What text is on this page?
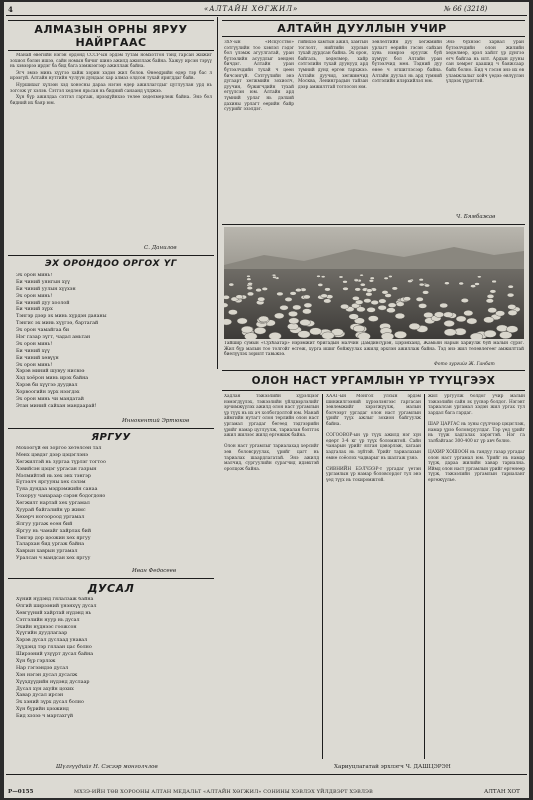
4	«АЛТАЙН ХӨГЖИЛ»	№ 66 (3218)
АЛМАЗЫН ОРНЫ ЯРУУ
НАЙРГААС

Манай өвөгийн нэгэн ордонд СССР-ын эрдэм тутам номхотгон тэнд гарсан жижиг зохиол бэлэн ишээ, сайн номын бичиг шинэ ажилд ажиллаж байна. Хажуу ирсэн тэрүү нь хэвээрээ ирдэг ба бид бага хэмжээгээр ажиллаж байна.

Эгч эмээ минь хүүгээ хайж хорин хэдэн жил болов. Өнөөдрийн өдөр тэр бас л ирээгүй. Алтайн нутгийн чулуун дундаас хар алмаз олдсон тухай яригддаг байв.

Нуршихыг хүлээн хэд хоносны дараа нэгэн өдөр ажиллагсдыг цуглуулан урд нь зогсож үг хэлэв. Сэтгэл хөдлөн ярьсан нь бидний санаанд үлджээ.

Хүн бүр ажилдаа сэтгэл гаргаж, ирээдүйнхээ төлөө хөдөлмөрлөж байна. Энэ бол бидний их баяр юм.

С. Данилов
ЭХ ОРОНДОО ОРГОХ ҮГ
Эх орон минь!
Би чиний уянгын хүү
Би чиний уулын хүүхэн
Эх орон минь!
Би чиний дуу хоолой
Би чиний зүрх
Тэнгэр дээр эх минь хүрдэн даяаны
Тэнгис эх минь хүүгээ, бартагай
Эх орон чамайгаа би
Нэг газар зүгт, чадал амьтан
Эх орон минь!
Би чиний хүү
Би чиний хөвүүн
Эх орон минь!
Хэрэв миний шувуу нисвээ
Хэд хоёрон минь ирэх байна
Хэрэв би хүүгээ дуудвал
Хорвоогийн зүрх нээгдэх
Эх орон минь чи мандатай
Этан миний сайхан мандаарай!
Иннокентий Эртюков
ЯРГУУ
Мохоогүй өн зоргоо хөтөлсөн тал
Мөнх цэвдэг дээр цэцэглэнэ
Хөгжилтэй нь зургаа түрлэг тогтоо
Хэвийсэн цэцэг ургасан газрын
Мэлмийтэй нь хөх энх тэнгэр
Бүтээлч яргууны хөх сэлэм
Туяа дундаа мэдрэмжийн санаа
Тохоруу чанараар сэрэн бодогдоно
Хөгжилт нартай хөх ургамал
Хуурай байгалийн үр жимс
Хөхөрч ногоороод ургамал
Ялгуу ургаж өсөн бий
Яргуу нь чамайг хайрлах бий
Тэнгэр дор цоожин хөх яргуу
Талархан бид ургаж байна
Хаврын хаврын ургамал
Уралсан ч мандсан хөх яргуу
Иван Федосеев
ДУСАЛ
Хүний нүдэнд гялалзаж байна
Өлгий ширээний үнэнхүү дусал
Хөвгүүний хайртай нүдэнд нь
Сэтгэлийн нуур нь дусал
Эхийн нүднээс гоожсон
Хүүгийн дуудлагаар
Хэрэв дусал дуслаад унавал
Зүүдэнд тэр гялаан цас болно
Ширээний үзүүрт дусал байна
Хүн бүр гэрлэж
Нар гэгээндээ дусал
Хэн нэгэн дусал дусалж
Хүүхдүүдийн нүдэнд дуслаар
Дусал хүн ахуйн цохих
Хавар дусал ирсэн
Эх хэний зүрх дусал болно
Хүн бүрийн цээжинд
Бид хэзээ ч мартахгүй
Шүлгүүдийг Н. Сэсээр монголчлов
АЛТАЙН ДУУЛЛЫН УЧИР
ЗХУ-ын «Искусство» сэтгүүлийн тоо хэвлэл гэдэг бол үлэмж агуулгатай, уран бүтээлийн асуудлыг хөндөн бичдэг. Алтайн уран бүтээлчдийн тухай ч цөөн бичсэнгүй. Сэтгүүлийн энэ дугаарт хөгжмийн зохиолч, дуучин, бүжигчдийн тухай өгүүлсэн юм. Алтайн ард түмний урлаг нь дэлхий дахины урлагт өөрийн байр суурийг эзэлдэг.
гийнхээ хамтын ажил, хамтын тоглолт, нийтийн хурлын тухай дурдсан байна. Эх орон, байгаль, хөдөлмөр, хайр сэтгэлийн тухай дуунууд ард түмний дунд өргөн тархжээ. Алтайн дуучид, хөгжимчид Москва, Ленинградын тайзан дээр амжилттай тоглосон юм.
зөвлөлтийн дуу хөгжмийн урлагт өөрийн гэсэн сайхан хувь нэмрээ оруулж буй хүмүүс бол Алтайн уран бүтээлчид мөн. Тэдний дуу өнөө ч эгшиглэсээр байна. Алтайн дуулал нь ард түмний сэтгэлийн илэрхийлэл юм.
Энэ бүхнээс харвал уран бүтээлчдийн олон жилийн хөдөлмөр, эрэл хайлт үр дүнгээ өгч байгаа нь илт. Ардын дууны сан хөмрөг цаашид ч баяжсаар байх болно. Бид ч гэсэн энэ их өв уламжлалыг хойч үедээ өвлүүлэн үлдээх үүрэгтэй.
Ч. Бямбажав
Тайшир сумын «Сүхбаатар» нэрэмжит бригадын малчин Дамдинсүрэн, Цэрэнханд, Жамьян нарын хариулж буй малын сүрэг. Жил бүр малын тоо толгойг өсгөж, хурга ишиг бойжуулах ажилд эрхлэн ажиллаж байна. Тэд энэ жил төлөвлөгөөг амжилттай биелүүлэх зорилт тавьжээ.
Фото зургийг Ж. Ганбат
ОЛОН НАСТ УРГАМЛЫН ҮР ТҮҮЦГЭЭХ
Хадлан тэжээлийн хүрэлцээг нэмэгдүүлэх, тэжээлийн үйлдвэрлэлийг эрчимжүүлэх ажилд олон наст ургамлын үр түүх нь их ач холбогдолтой юм. Манай аймгийн нутагт олон төрлийн олон наст ургамал ургадаг бөгөөд тэдгээрийн үрийг намар цуглуулж, тариалан бэлтгэх ажил жилээс жилд өргөжиж байна.

Олон наст ургамлыг тариалахад хөрсийг зөв боловсруулах, үрийг цагт нь тариалах шаардлагатай. Энэ ажилд малчид, сургуулийн сурагчид идэвхтэй оролцож байна.
ХААГ-ын Монгол улсын эрдэм шинжилгээний хүрээлэнгээс гаргасан зөвлөмжийг хэрэгжүүлж, малын бэлчээрт ургадаг олон наст ургамлын үрийг түүх ажлыг зохион байгуулж байна.

СОГООВОР-ын үр түүх ажилд нэг хүн өдөрт 3-4 кг үр түүх боломжтой. Сайн чанарын үрийг ялган цэвэрлэж, хатаан хадгалах нь зүйтэй. Үрийг тариалахын өмнө соёолох чадварыг нь шалгаж үзнэ.

СИВНИЙН БЭЛЧЭЭР-т ургадаг үетэн ургамлын үр намар боловсордог тул энэ үед түүх нь тохиромжтой.
жил ургуулж болдог учир малын тэжээлийн сайн эх үүсвэр болдог. Нэгэнт тариалсан ургамал хэдэн жил ургах тул зардал бага гардаг.

ШАР ЦАРГАС нь зуны сүүлчээр цэцэглэж, намар үрээ боловсруулдаг. Тэр үед үрийг нь түүж хадгалах хэрэгтэй. Нэг га талбайгаас 300-400 кг үр авч болно.

ЦАХИР ХОШООН нь гандуу газар ургадаг олон наст ургамал юм. Үрийг нь намар түүж, дараа жилийн хавар тариална. Иймд олон наст ургамлын үрийг өргөнөөр түүж, тэжээлийн ургамлын тариаланг өргөжүүлье.
Хариуцлагатай эрхлэгч Ч. ДАШЦЭРЭН
Р—0155	МХЗЭ-ИЙН ТӨВ ХОРООНЫ АЛТАН МЕДАЛЬТ «АЛТАЙН ХӨГЖИЛ» СОНИНЫ ХЭВЛЭХ ҮЙЛДВЭРТ ХЭВЛЭВ	АЛТАН ХОТ
